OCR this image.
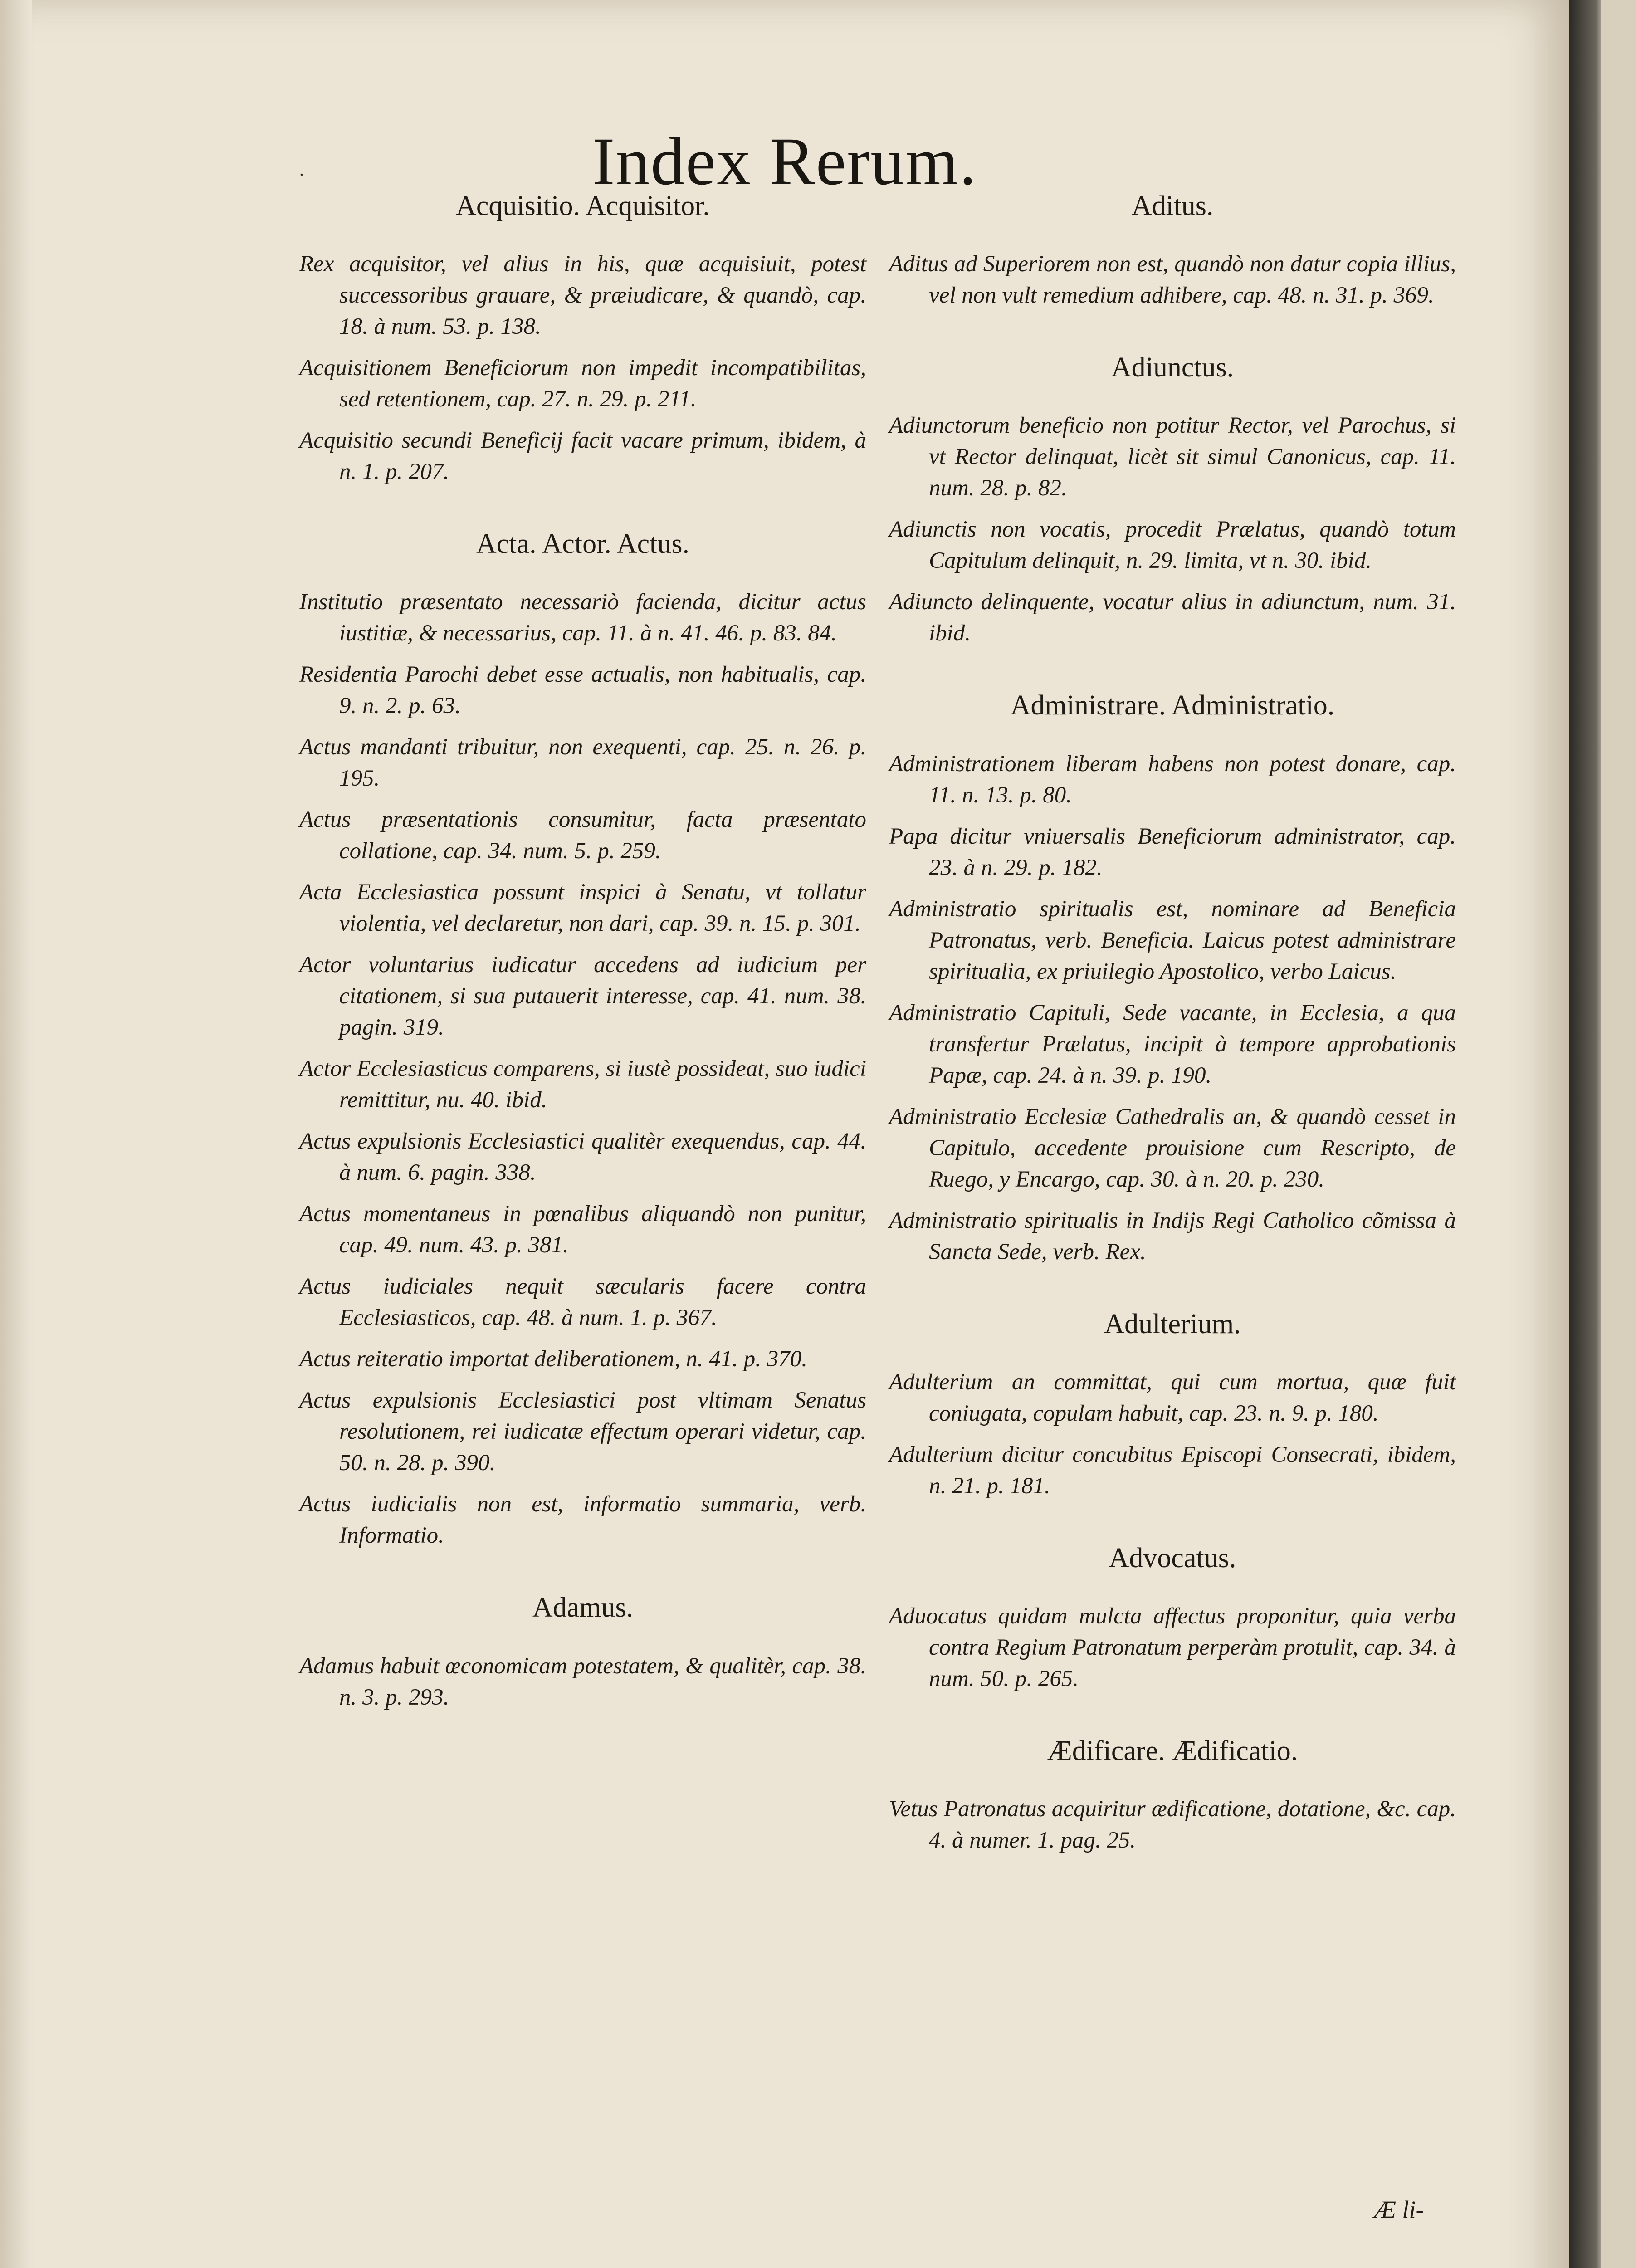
.	Index Rerum.
Acquisitio. Acquisitor.

Rex acquisitor, vel alius in his, quæ acquisiuit, potest successoribus grauare, & præiudicare, & quandò, cap. 18. à num. 53. p. 138.

Acquisitionem Beneficiorum non impedit incompatibilitas, sed retentionem, cap. 27. n. 29. p. 211.

Acquisitio secundi Beneficij facit vacare primum, ibidem, à n. 1. p. 207.

Acta. Actor. Actus.

Institutio præsentato necessariò facienda, dicitur actus iustitiæ, & necessarius, cap. 11. à n. 41. 46. p. 83. 84.

Residentia Parochi debet esse actualis, non habitualis, cap. 9. n. 2. p. 63.

Actus mandanti tribuitur, non exequenti, cap. 25. n. 26. p. 195.

Actus præsentationis consumitur, facta præsentato collatione, cap. 34. num. 5. p. 259.

Acta Ecclesiastica possunt inspici à Senatu, vt tollatur violentia, vel declaretur, non dari, cap. 39. n. 15. p. 301.

Actor voluntarius iudicatur accedens ad iudicium per citationem, si sua putauerit interesse, cap. 41. num. 38. pagin. 319.

Actor Ecclesiasticus comparens, si iustè possideat, suo iudici remittitur, nu. 40. ibid.

Actus expulsionis Ecclesiastici qualitèr exequendus, cap. 44. à num. 6. pagin. 338.

Actus momentaneus in pœnalibus aliquandò non punitur, cap. 49. num. 43. p. 381.

Actus iudiciales nequit sæcularis facere contra Ecclesiasticos, cap. 48. à num. 1. p. 367.

Actus reiteratio importat deliberationem, n. 41. p. 370.

Actus expulsionis Ecclesiastici post vltimam Senatus resolutionem, rei iudicatæ effectum operari videtur, cap. 50. n. 28. p. 390.

Actus iudicialis non est, informatio summaria, verb. Informatio.

Adamus.

Adamus habuit œconomicam potestatem, & qualitèr, cap. 38. n. 3. p. 293.

Aditus.

Aditus ad Superiorem non est, quandò non datur copia illius, vel non vult remedium adhibere, cap. 48. n. 31. p. 369.

Adiunctus.

Adiunctorum beneficio non potitur Rector, vel Parochus, si vt Rector delinquat, licèt sit simul Canonicus, cap. 11. num. 28. p. 82.

Adiunctis non vocatis, procedit Prælatus, quandò totum Capitulum delinquit, n. 29. limita, vt n. 30. ibid.

Adiuncto delinquente, vocatur alius in adiunctum, num. 31. ibid.

Administrare. Administratio.

Administrationem liberam habens non potest donare, cap. 11. n. 13. p. 80.

Papa dicitur vniuersalis Beneficiorum administrator, cap. 23. à n. 29. p. 182.

Administratio spiritualis est, nominare ad Beneficia Patronatus, verb. Beneficia. Laicus potest administrare spiritualia, ex priuilegio Apostolico, verbo Laicus.

Administratio Capituli, Sede vacante, in Ecclesia, a qua transfertur Prælatus, incipit à tempore approbationis Papæ, cap. 24. à n. 39. p. 190.

Administratio Ecclesiæ Cathedralis an, & quandò cesset in Capitulo, accedente prouisione cum Rescripto, de Ruego, y Encargo, cap. 30. à n. 20. p. 230.

Administratio spiritualis in Indijs Regi Catholico cõmissa à Sancta Sede, verb. Rex.

Adulterium.

Adulterium an committat, qui cum mortua, quæ fuit coniugata, copulam habuit, cap. 23. n. 9. p. 180.

Adulterium dicitur concubitus Episcopi Consecrati, ibidem, n. 21. p. 181.

Advocatus.

Aduocatus quidam mulcta affectus proponitur, quia verba contra Regium Patronatum perperàm protulit, cap. 34. à num. 50. p. 265.

Ædificare. Ædificatio.

Vetus Patronatus acquiritur ædificatione, dotatione, &c. cap. 4. à numer. 1. pag. 25.

Æ li-
